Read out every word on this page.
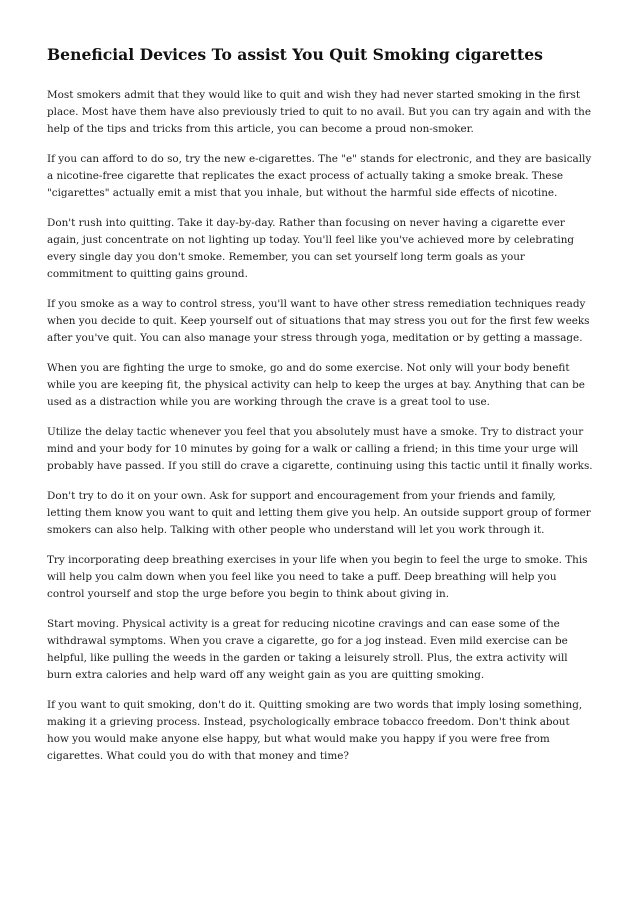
Beneficial Devices To assist You Quit Smoking cigarettes

Most smokers admit that they would like to quit and wish they had never started smoking in the first place. Most have them have also previously tried to quit to no avail. But you can try again and with the help of the tips and tricks from this article, you can become a proud non-smoker.

If you can afford to do so, try the new e-cigarettes. The "e" stands for electronic, and they are basically a nicotine-free cigarette that replicates the exact process of actually taking a smoke break. These "cigarettes" actually emit a mist that you inhale, but without the harmful side effects of nicotine.

Don't rush into quitting. Take it day-by-day. Rather than focusing on never having a cigarette ever again, just concentrate on not lighting up today. You'll feel like you've achieved more by celebrating every single day you don't smoke. Remember, you can set yourself long term goals as your commitment to quitting gains ground.

If you smoke as a way to control stress, you'll want to have other stress remediation techniques ready when you decide to quit. Keep yourself out of situations that may stress you out for the first few weeks after you've quit. You can also manage your stress through yoga, meditation or by getting a massage.

When you are fighting the urge to smoke, go and do some exercise. Not only will your body benefit while you are keeping fit, the physical activity can help to keep the urges at bay. Anything that can be used as a distraction while you are working through the crave is a great tool to use.

Utilize the delay tactic whenever you feel that you absolutely must have a smoke. Try to distract your mind and your body for 10 minutes by going for a walk or calling a friend; in this time your urge will probably have passed. If you still do crave a cigarette, continuing using this tactic until it finally works.

Don't try to do it on your own. Ask for support and encouragement from your friends and family, letting them know you want to quit and letting them give you help. An outside support group of former smokers can also help. Talking with other people who understand will let you work through it.

Try incorporating deep breathing exercises in your life when you begin to feel the urge to smoke. This will help you calm down when you feel like you need to take a puff. Deep breathing will help you control yourself and stop the urge before you begin to think about giving in.

Start moving. Physical activity is a great for reducing nicotine cravings and can ease some of the withdrawal symptoms. When you crave a cigarette, go for a jog instead. Even mild exercise can be helpful, like pulling the weeds in the garden or taking a leisurely stroll. Plus, the extra activity will burn extra calories and help ward off any weight gain as you are quitting smoking.

If you want to quit smoking, don't do it. Quitting smoking are two words that imply losing something, making it a grieving process. Instead, psychologically embrace tobacco freedom. Don't think about how you would make anyone else happy, but what would make you happy if you were free from cigarettes. What could you do with that money and time?
